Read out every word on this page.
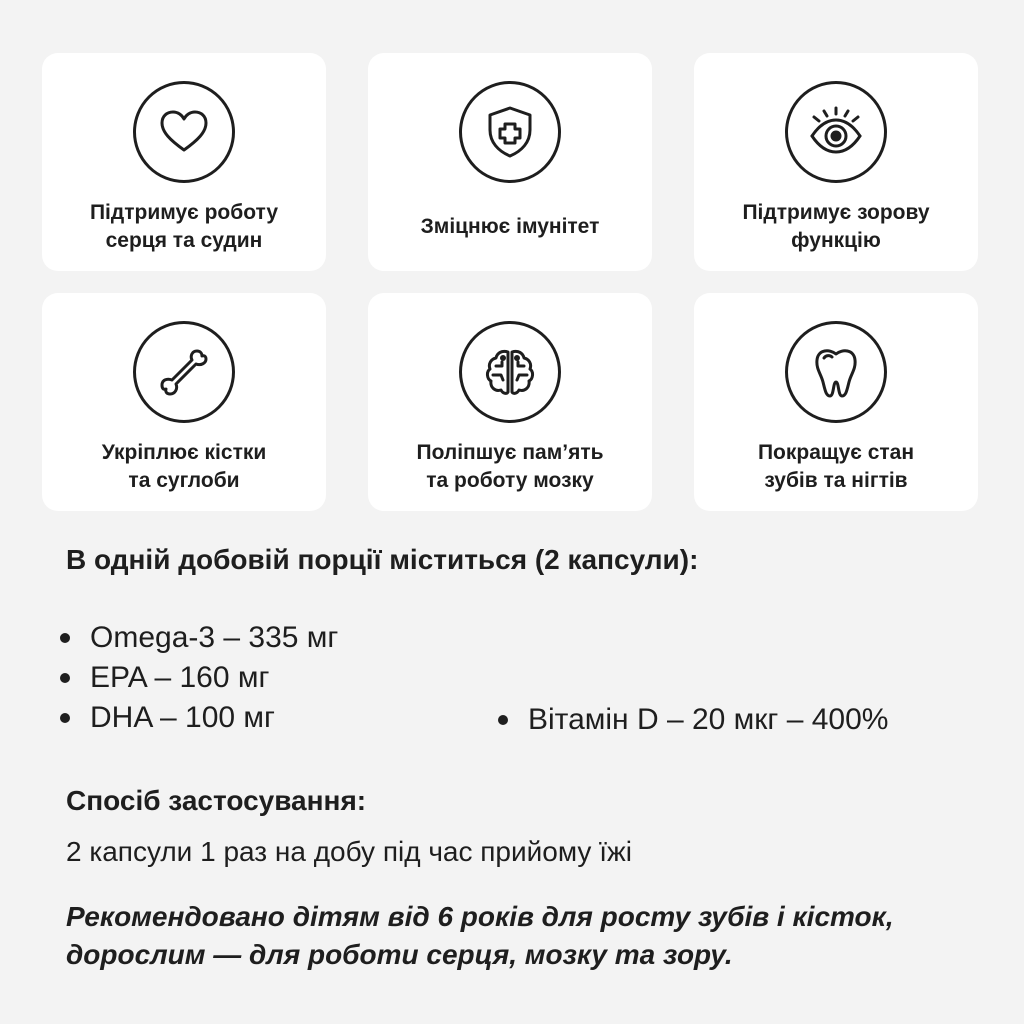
Підтримує роботу
серця та судин
Зміцнює імунітет
Підтримує зорову
функцію
Укріплює кістки
та суглоби
Поліпшує пам’ять
та роботу мозку
Покращує стан
зубів та нігтів
В одній добовій порції міститься (2 капсули):
Omega-3 – 335 мг
EPA – 160 мг
DHA – 100 мг	Вітамін D – 20 мкг – 400%
Спосіб застосування:
2 капсули 1 раз на добу під час прийому їжі
Рекомендовано дітям від 6 років для росту зубів і кісток, дорослим — для роботи серця, мозку та зору.
